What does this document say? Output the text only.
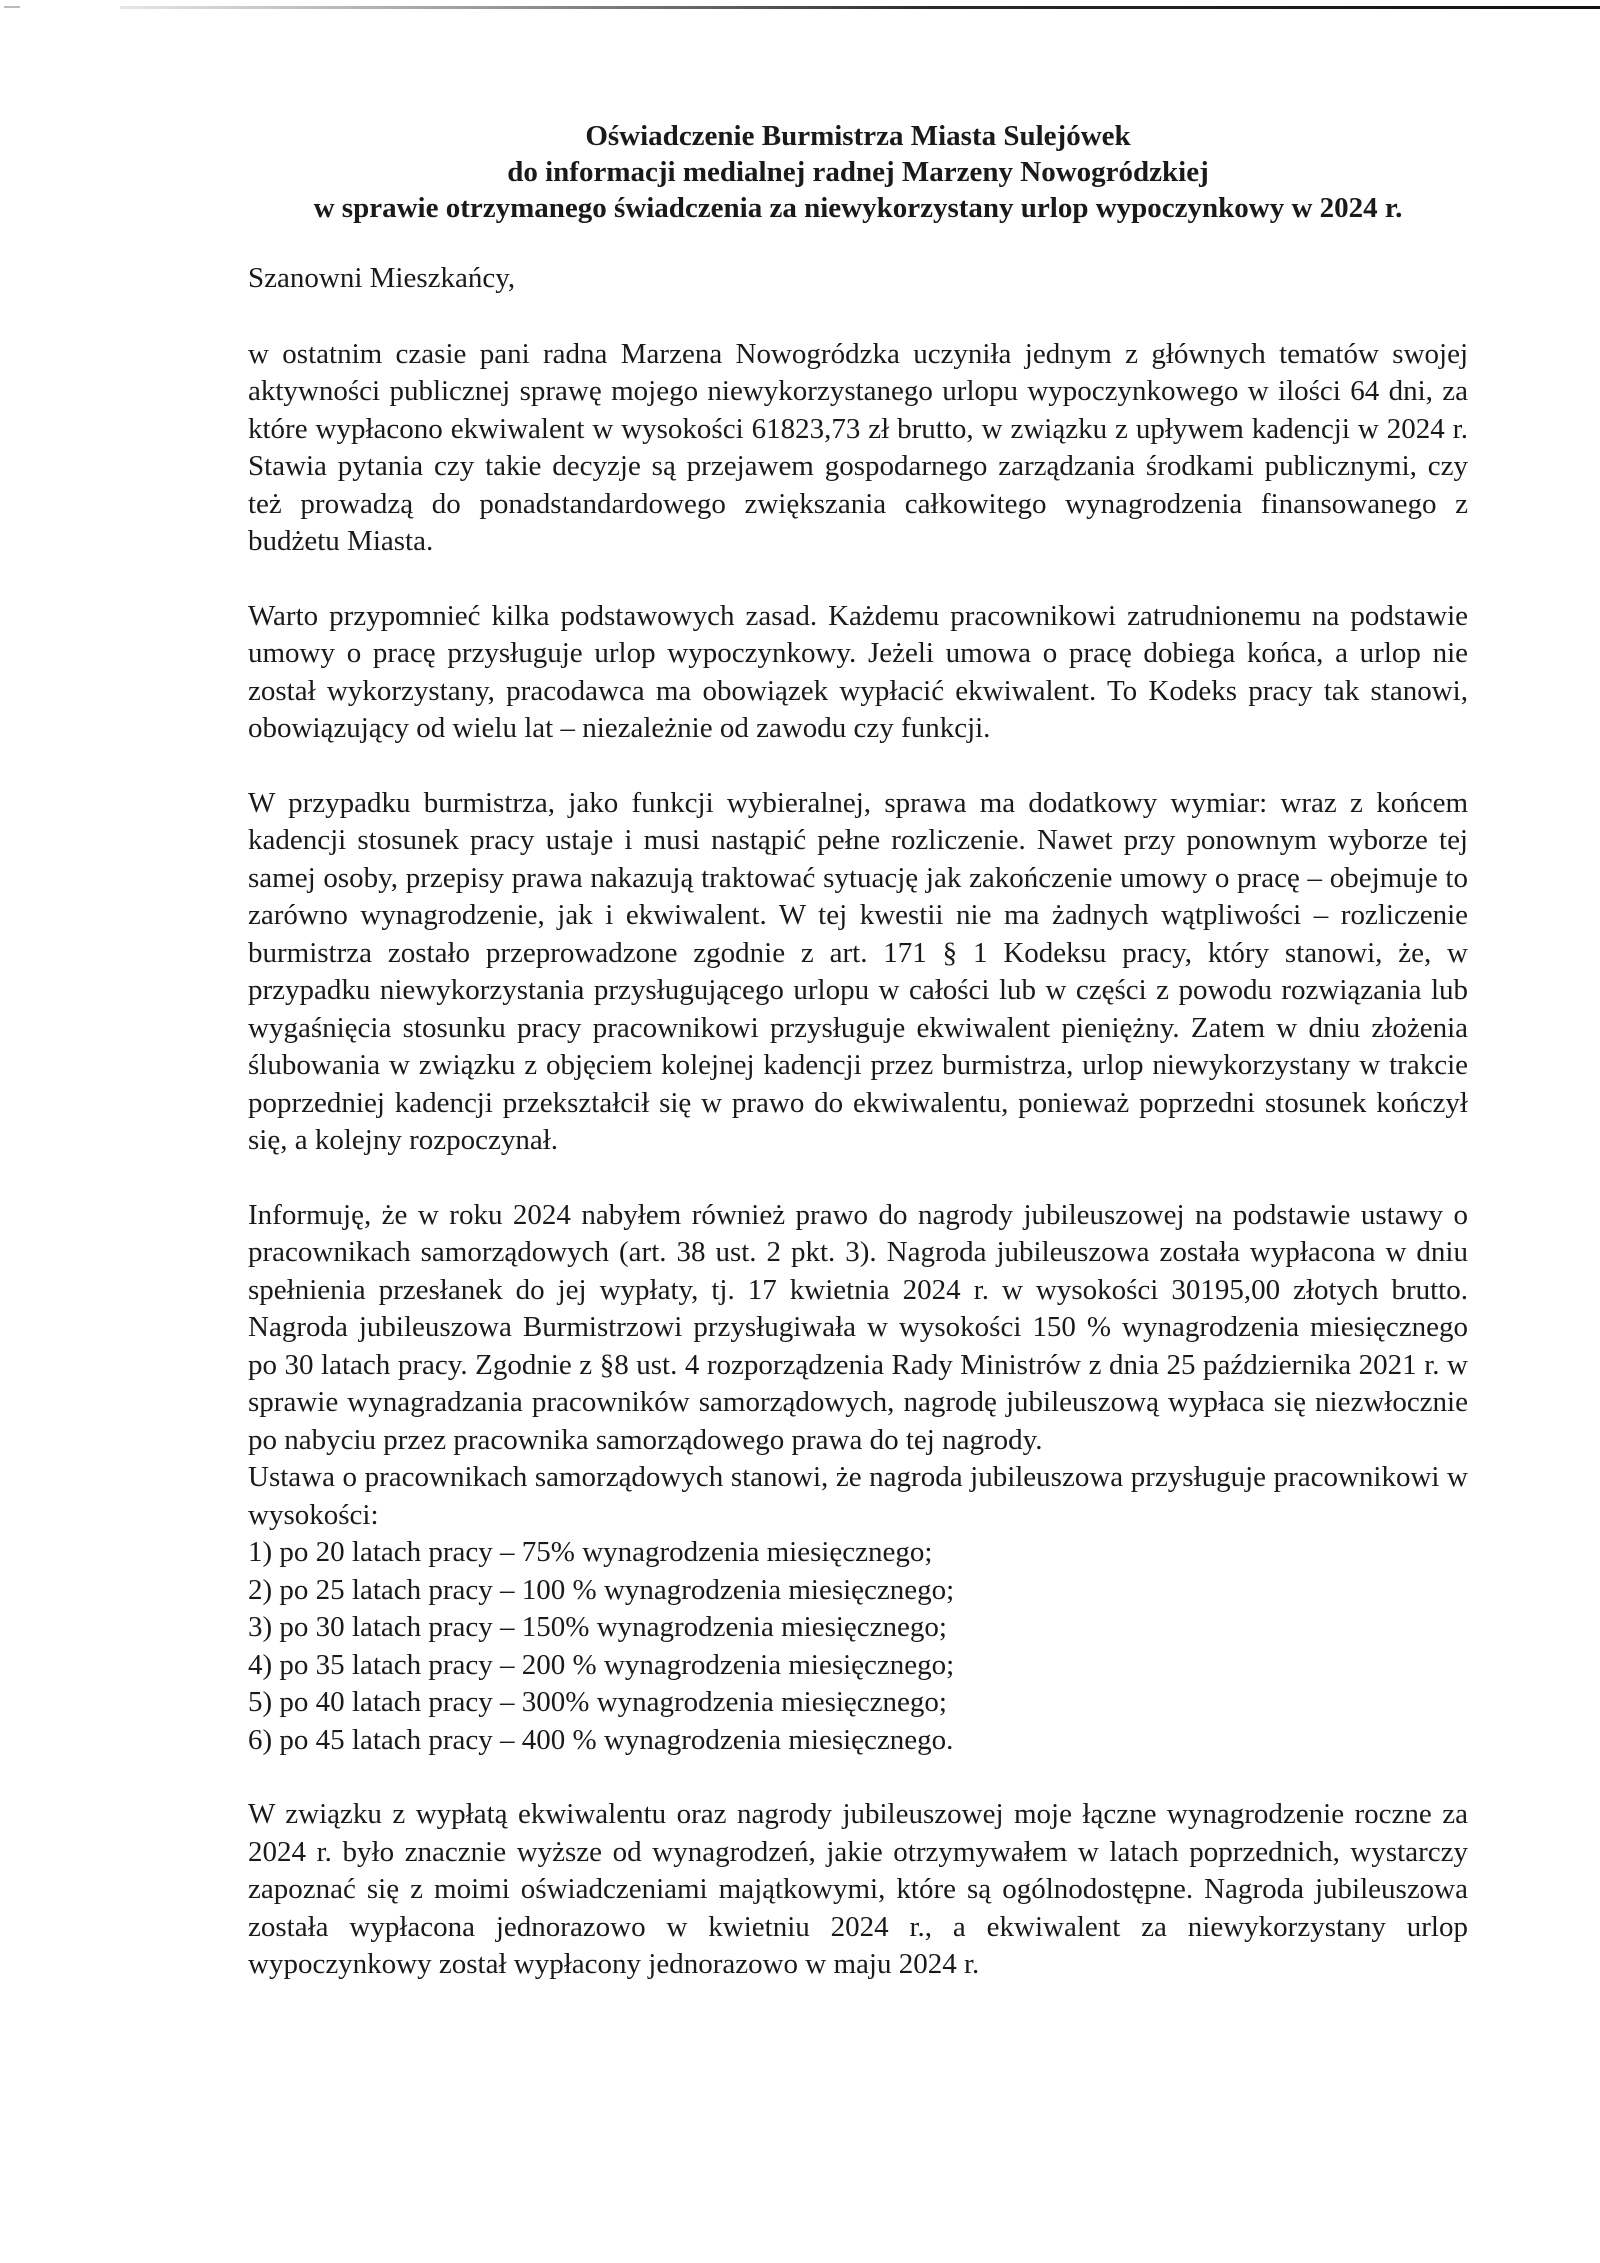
Oświadczenie Burmistrza Miasta Sulejówek
do informacji medialnej radnej Marzeny Nowogródzkiej
w sprawie otrzymanego świadczenia za niewykorzystany urlop wypoczynkowy w 2024 r.
Szanowni Mieszkańcy,

w ostatnim czasie pani radna Marzena Nowogródzka uczyniła jednym z głównych tematów swojej aktywności publicznej sprawę mojego niewykorzystanego urlopu wypoczynkowego w ilości 64 dni, za które wypłacono ekwiwalent w wysokości 61823,73 zł brutto, w związku z upływem kadencji w 2024 r. Stawia pytania czy takie decyzje są przejawem gospodarnego zarządzania środkami publicznymi, czy też prowadzą do ponadstandardowego zwiększania całkowitego wynagrodzenia finansowanego z budżetu Miasta.

Warto przypomnieć kilka podstawowych zasad. Każdemu pracownikowi zatrudnionemu na podstawie umowy o pracę przysługuje urlop wypoczynkowy. Jeżeli umowa o pracę dobiega końca, a urlop nie został wykorzystany, pracodawca ma obowiązek wypłacić ekwiwalent. To Kodeks pracy tak stanowi, obowiązujący od wielu lat – niezależnie od zawodu czy funkcji.

W przypadku burmistrza, jako funkcji wybieralnej, sprawa ma dodatkowy wymiar: wraz z końcem kadencji stosunek pracy ustaje i musi nastąpić pełne rozliczenie. Nawet przy ponownym wyborze tej samej osoby, przepisy prawa nakazują traktować sytuację jak zakończenie umowy o pracę – obejmuje to zarówno wynagrodzenie, jak i ekwiwalent. W tej kwestii nie ma żadnych wątpliwości – rozliczenie burmistrza zostało przeprowadzone zgodnie z art. 171 § 1 Kodeksu pracy, który stanowi, że, w przypadku niewykorzystania przysługującego urlopu w całości lub w części z powodu rozwiązania lub wygaśnięcia stosunku pracy pracownikowi przysługuje ekwiwalent pieniężny. Zatem w dniu złożenia ślubowania w związku z objęciem kolejnej kadencji przez burmistrza, urlop niewykorzystany w trakcie poprzedniej kadencji przekształcił się w prawo do ekwiwalentu, ponieważ poprzedni stosunek kończył się, a kolejny rozpoczynał.

Informuję, że w roku 2024 nabyłem również prawo do nagrody jubileuszowej na podstawie ustawy o pracownikach samorządowych (art. 38 ust. 2 pkt. 3). Nagroda jubileuszowa została wypłacona w dniu spełnienia przesłanek do jej wypłaty, tj. 17 kwietnia 2024 r. w wysokości 30195,00 złotych brutto. Nagroda jubileuszowa Burmistrzowi przysługiwała w wysokości 150 % wynagrodzenia miesięcznego po 30 latach pracy. Zgodnie z §8 ust. 4 rozporządzenia Rady Ministrów z dnia 25 października 2021 r. w sprawie wynagradzania pracowników samorządowych, nagrodę jubileuszową wypłaca się niezwłocznie po nabyciu przez pracownika samorządowego prawa do tej nagrody.

Ustawa o pracownikach samorządowych stanowi, że nagroda jubileuszowa przysługuje pracownikowi w wysokości:

1) po 20 latach pracy – 75% wynagrodzenia miesięcznego;
2) po 25 latach pracy – 100 % wynagrodzenia miesięcznego;
3) po 30 latach pracy – 150% wynagrodzenia miesięcznego;
4) po 35 latach pracy – 200 % wynagrodzenia miesięcznego;
5) po 40 latach pracy – 300% wynagrodzenia miesięcznego;
6) po 45 latach pracy – 400 % wynagrodzenia miesięcznego.

W związku z wypłatą ekwiwalentu oraz nagrody jubileuszowej moje łączne wynagrodzenie roczne za 2024 r. było znacznie wyższe od wynagrodzeń, jakie otrzymywałem w latach poprzednich, wystarczy zapoznać się z moimi oświadczeniami majątkowymi, które są ogólnodostępne. Nagroda jubileuszowa została wypłacona jednorazowo w kwietniu 2024 r., a ekwiwalent za niewykorzystany urlop wypoczynkowy został wypłacony jednorazowo w maju 2024 r.
